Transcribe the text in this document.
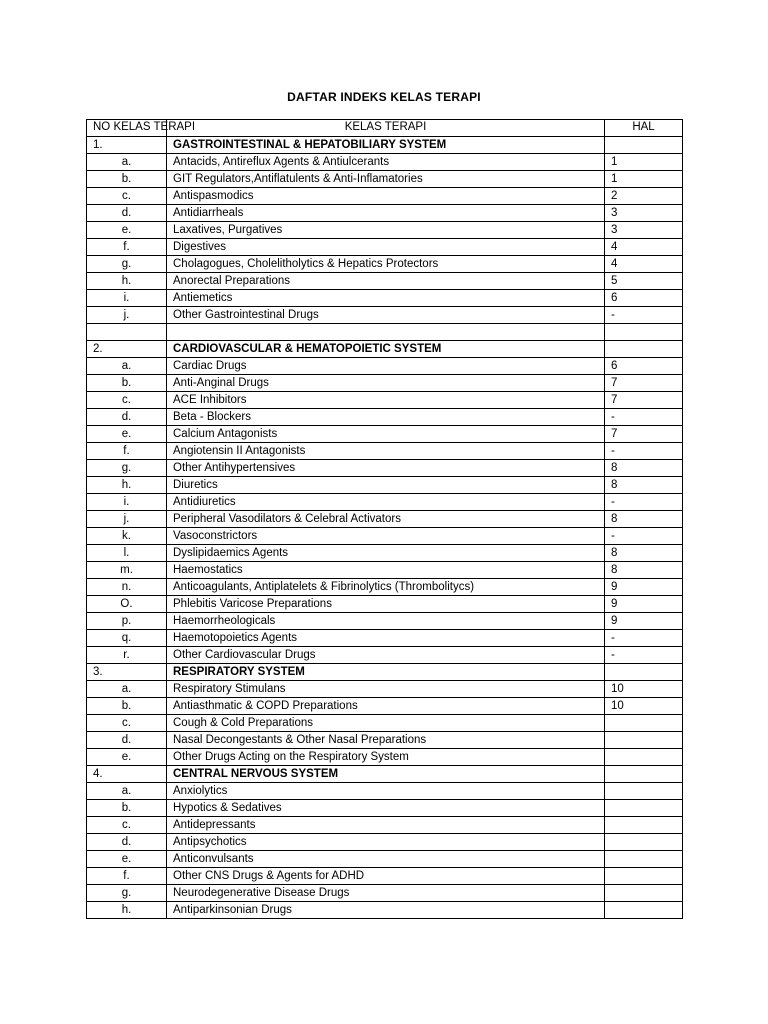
DAFTAR INDEKS KELAS TERAPI
NO KELAS TERAPI	KELAS TERAPI	HAL
1.	GASTROINTESTINAL & HEPATOBILIARY SYSTEM	
a.	Antacids, Antireflux Agents & Antiulcerants	1
b.	GIT Regulators,Antiflatulents & Anti-Inflamatories	1
c.	Antispasmodics	2
d.	Antidiarrheals	3
e.	Laxatives, Purgatives	3
f.	Digestives	4
g.	Cholagogues, Cholelitholytics & Hepatics Protectors	4
h.	Anorectal Preparations	5
i.	Antiemetics	6
j.	Other Gastrointestinal Drugs	-

2.	CARDIOVASCULAR & HEMATOPOIETIC SYSTEM	
a.	Cardiac Drugs	6
b.	Anti-Anginal Drugs	7
c.	ACE Inhibitors	7
d.	Beta - Blockers	-
e.	Calcium Antagonists	7
f.	Angiotensin II Antagonists	-
g.	Other Antihypertensives	8
h.	Diuretics	8
i.	Antidiuretics	-
j.	Peripheral Vasodilators & Celebral Activators	8
k.	Vasoconstrictors	-
l.	Dyslipidaemics Agents	8
m.	Haemostatics	8
n.	Anticoagulants, Antiplatelets & Fibrinolytics (Thrombolitycs)	9
O.	Phlebitis Varicose Preparations	9
p.	Haemorrheologicals	9
q.	Haemotopoietics Agents	-
r.	Other Cardiovascular Drugs	-
3.	RESPIRATORY SYSTEM	
a.	Respiratory Stimulans	10
b.	Antiasthmatic & COPD Preparations	10
c.	Cough & Cold Preparations	
d.	Nasal Decongestants & Other Nasal Preparations	
e.	Other Drugs Acting on the Respiratory System	
4.	CENTRAL NERVOUS SYSTEM	
a.	Anxiolytics	
b.	Hypotics & Sedatives	
c.	Antidepressants	
d.	Antipsychotics	
e.	Anticonvulsants	
f.	Other CNS Drugs & Agents for ADHD	
g.	Neurodegenerative Disease Drugs	
h.	Antiparkinsonian Drugs	
